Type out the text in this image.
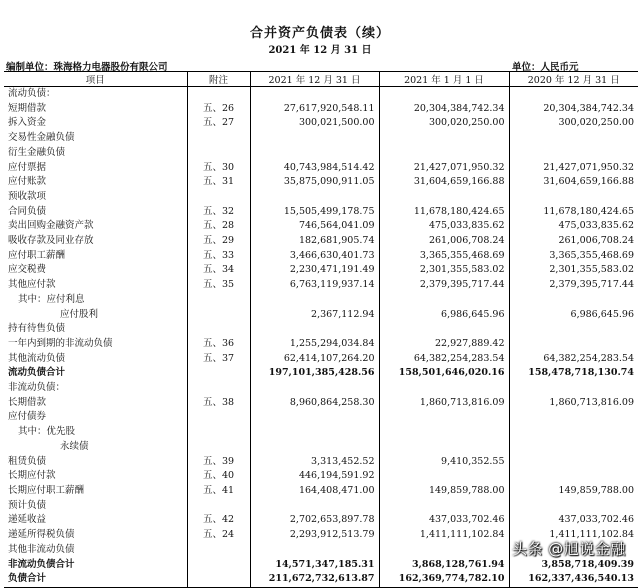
合并资产负债表（续）
2021 年 12 月 31 日
编制单位：珠海格力电器股份有限公司	单位：人民币元
项目	附注	2021 年 12 月 31 日	2021 年 1 月 1 日	2020 年 12 月 31 日
流动负债：				
短期借款	五、26	27,617,920,548.11	20,304,384,742.34	20,304,384,742.34
拆入资金	五、27	300,021,500.00	300,020,250.00	300,020,250.00
交易性金融负债				
衍生金融负债				
应付票据	五、30	40,743,984,514.42	21,427,071,950.32	21,427,071,950.32
应付账款	五、31	35,875,090,911.05	31,604,659,166.88	31,604,659,166.88
预收款项				
合同负债	五、32	15,505,499,178.75	11,678,180,424.65	11,678,180,424.65
卖出回购金融资产款	五、28	746,564,041.09	475,033,835.62	475,033,835.62
吸收存款及同业存放	五、29	182,681,905.74	261,006,708.24	261,006,708.24
应付职工薪酬	五、33	3,466,630,401.73	3,365,355,468.69	3,365,355,468.69
应交税费	五、34	2,230,471,191.49	2,301,355,583.02	2,301,355,583.02
其他应付款	五、35	6,763,119,937.14	2,379,395,717.44	2,379,395,717.44
其中：应付利息				
应付股利		2,367,112.94	6,986,645.96	6,986,645.96
持有待售负债				
一年内到期的非流动负债	五、36	1,255,294,034.84	22,927,889.42	
其他流动负债	五、37	62,414,107,264.20	64,382,254,283.54	64,382,254,283.54
流动负债合计		197,101,385,428.56	158,501,646,020.16	158,478,718,130.74
非流动负债：				
长期借款	五、38	8,960,864,258.30	1,860,713,816.09	1,860,713,816.09
应付债券				
其中：优先股				
永续债				
租赁负债	五、39	3,313,452.52	9,410,352.55	
长期应付款	五、40	446,194,591.92		
长期应付职工薪酬	五、41	164,408,471.00	149,859,788.00	149,859,788.00
预计负债				
递延收益	五、42	2,702,653,897.78	437,033,702.46	437,033,702.46
递延所得税负债	五、24	2,293,912,513.79	1,411,111,102.84	1,411,111,102.84
其他非流动负债				
非流动负债合计		14,571,347,185.31	3,868,128,761.94	3,858,718,409.39
负债合计		211,672,732,613.87	162,369,774,782.10	162,337,436,540.13
头条 @旭说金融
